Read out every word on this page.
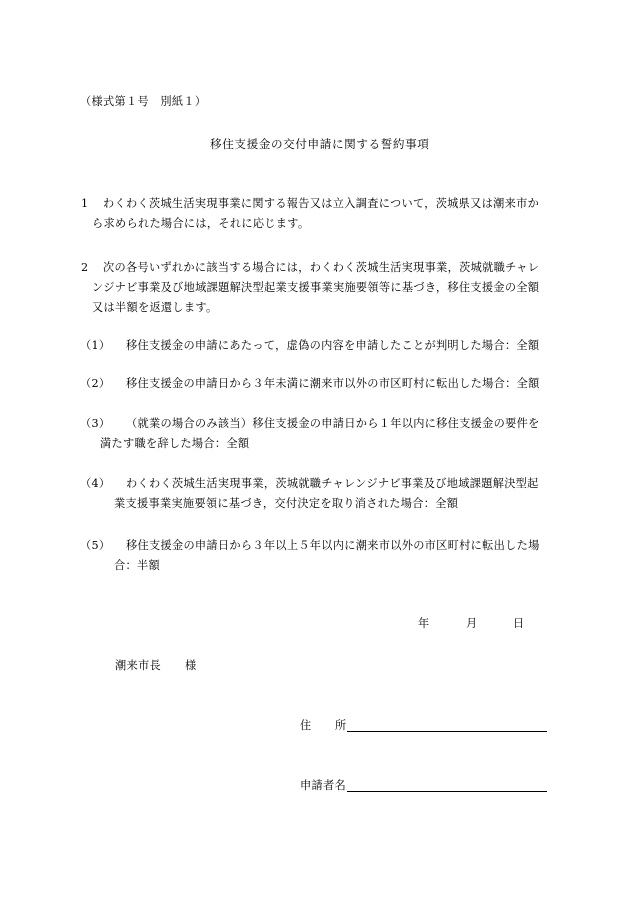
（様式第１号　別紙１）
移住支援金の交付申請に関する誓約事項
1 わくわく茨城生活実現事業に関する報告又は立入調査について，茨城県又は潮来市か
ら求められた場合には，それに応じます。
2 次の各号いずれかに該当する場合には，わくわく茨城生活実現事業，茨城就職チャレ
ンジナビ事業及び地域課題解決型起業支援事業実施要領等に基づき，移住支援金の全額
又は半額を返還します。
（1） 移住支援金の申請にあたって，虚偽の内容を申請したことが判明した場合：全額
（2） 移住支援金の申請日から３年未満に潮来市以外の市区町村に転出した場合：全額
（3） （就業の場合のみ該当）移住支援金の申請日から１年以内に移住支援金の要件を
満たす職を辞した場合：全額
（4） わくわく茨城生活実現事業，茨城就職チャレンジナビ事業及び地域課題解決型起
業支援事業実施要領に基づき，交付決定を取り消された場合：全額
（5） 移住支援金の申請日から３年以上５年以内に潮来市以外の市区町村に転出した場
合：半額
年	月	日
潮来市長 様
住 所
申請者名
